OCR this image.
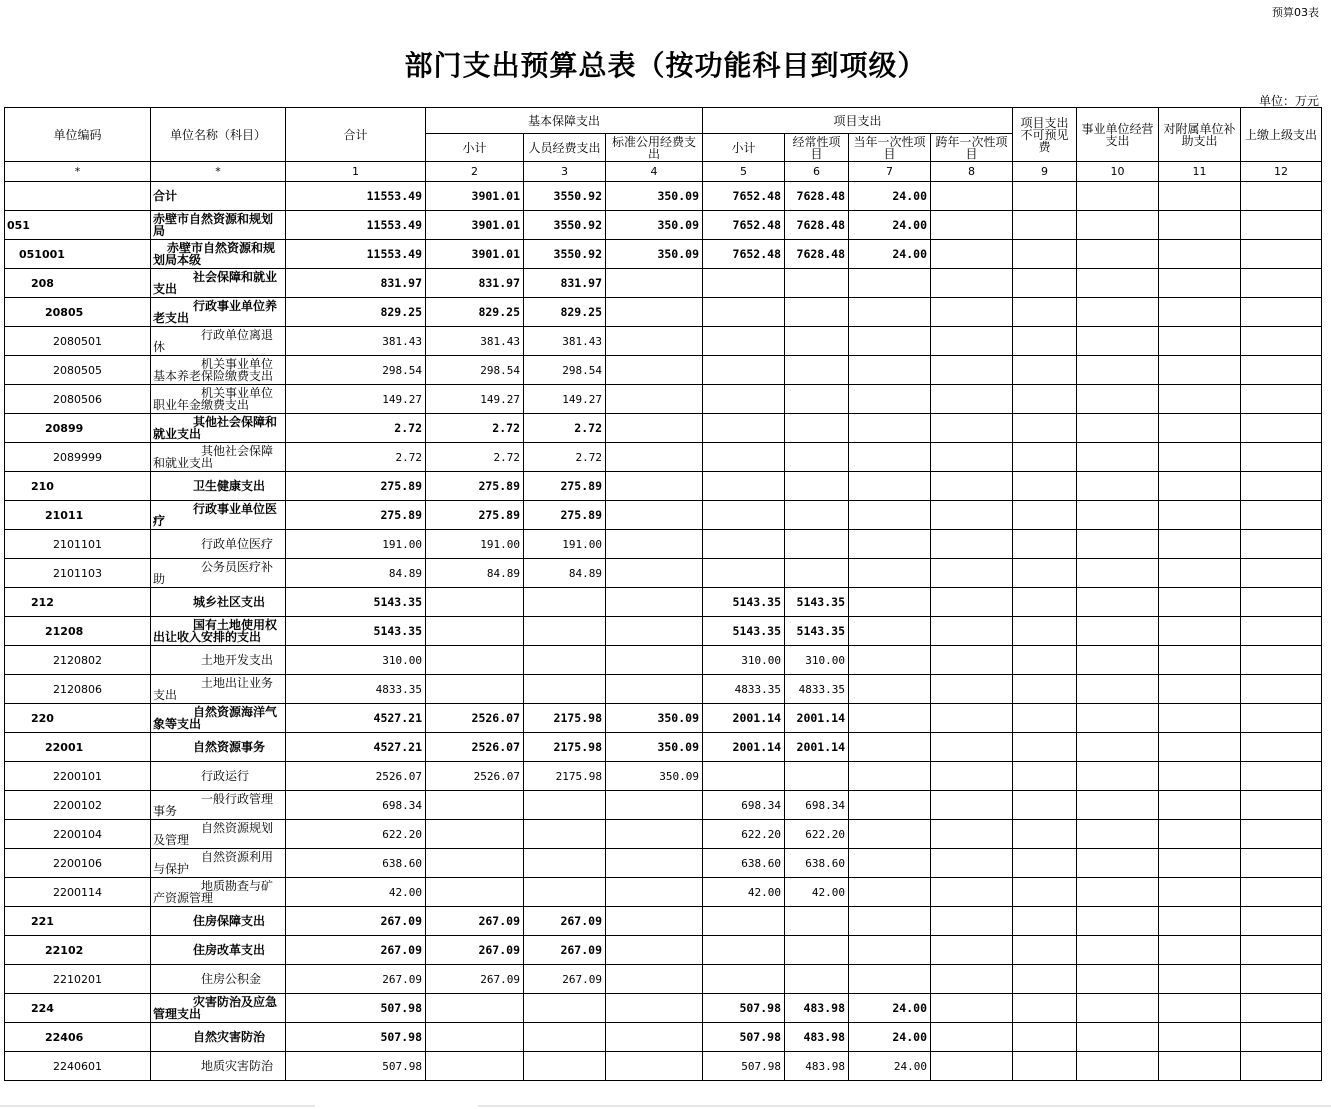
预算03表
部门支出预算总表（按功能科目到项级）
单位：万元
单位编码	单位名称（科目）	合计	基本保障支出			项目支出				项目支出不可预见费	事业单位经营支出	对附属单位补助支出	上缴上级支出
			小计	人员经费支出	标准公用经费支出	小计	经常性项目	当年一次性项目	跨年一次性项目				
*	*	1	2	3	4	5	6	7	8	9	10	11	12
	合计	11553.49	3901.01	3550.92	350.09	7652.48	7628.48	24.00					
051	赤壁市自然资源和规划局	11553.49	3901.01	3550.92	350.09	7652.48	7628.48	24.00					
051001	赤壁市自然资源和规划局本级	11553.49	3901.01	3550.92	350.09	7652.48	7628.48	24.00					
208	社会保障和就业支出	831.97	831.97	831.97									
20805	行政事业单位养老支出	829.25	829.25	829.25									
2080501	行政单位离退休	381.43	381.43	381.43									
2080505	机关事业单位基本养老保险缴费支出	298.54	298.54	298.54									
2080506	机关事业单位职业年金缴费支出	149.27	149.27	149.27									
20899	其他社会保障和就业支出	2.72	2.72	2.72									
2089999	其他社会保障和就业支出	2.72	2.72	2.72									
210	卫生健康支出	275.89	275.89	275.89									
21011	行政事业单位医疗	275.89	275.89	275.89									
2101101	行政单位医疗	191.00	191.00	191.00									
2101103	公务员医疗补助	84.89	84.89	84.89									
212	城乡社区支出	5143.35				5143.35	5143.35						
21208	国有土地使用权出让收入安排的支出	5143.35				5143.35	5143.35						
2120802	土地开发支出	310.00				310.00	310.00						
2120806	土地出让业务支出	4833.35				4833.35	4833.35						
220	自然资源海洋气象等支出	4527.21	2526.07	2175.98	350.09	2001.14	2001.14						
22001	自然资源事务	4527.21	2526.07	2175.98	350.09	2001.14	2001.14						
2200101	行政运行	2526.07	2526.07	2175.98	350.09								
2200102	一般行政管理事务	698.34				698.34	698.34						
2200104	自然资源规划及管理	622.20				622.20	622.20						
2200106	自然资源利用与保护	638.60				638.60	638.60						
2200114	地质勘查与矿产资源管理	42.00				42.00	42.00						
221	住房保障支出	267.09	267.09	267.09									
22102	住房改革支出	267.09	267.09	267.09									
2210201	住房公积金	267.09	267.09	267.09									
224	灾害防治及应急管理支出	507.98				507.98	483.98	24.00					
22406	自然灾害防治	507.98				507.98	483.98	24.00					
2240601	地质灾害防治	507.98				507.98	483.98	24.00					
